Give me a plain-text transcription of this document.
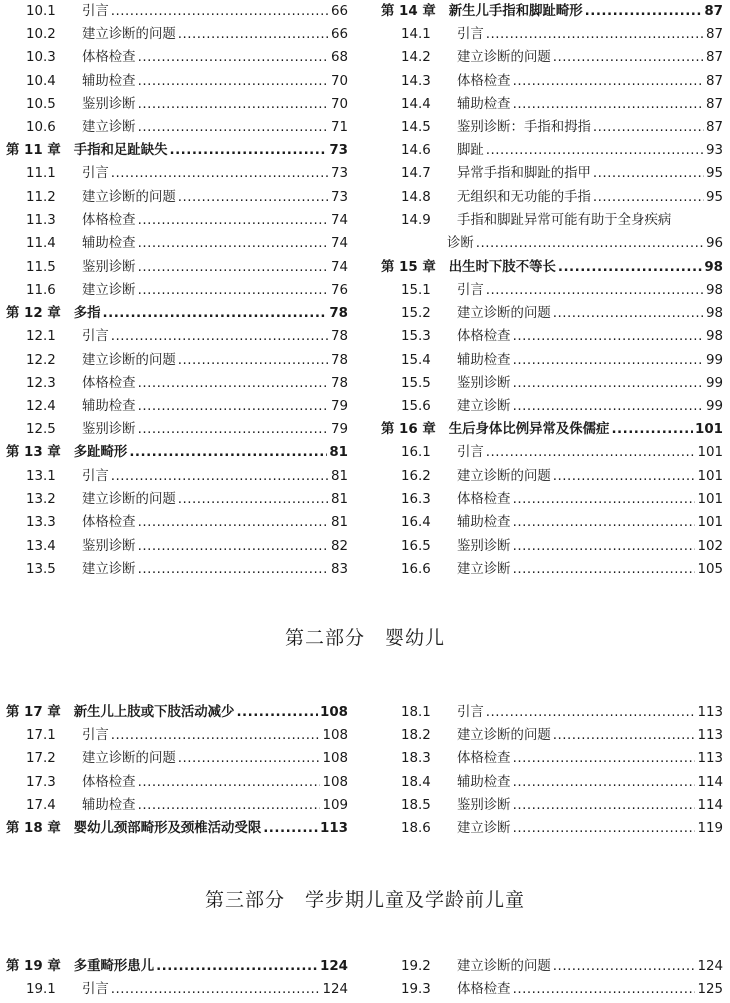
10.1	引言 .....	66
10.2	建立诊断的问题 .....	66
10.3	体格检查 .....	68
10.4	辅助检查 .....	70
10.5	鉴别诊断 .....	70
10.6	建立诊断 .....	71
第 11 章 手指和足趾缺失 .....	73
11.1	引言 .....	73
11.2	建立诊断的问题 .....	73
11.3	体格检查 .....	74
11.4	辅助检查 .....	74
11.5	鉴别诊断 .....	74
11.6	建立诊断 .....	76
第 12 章 多指 .....	78
12.1	引言 .....	78
12.2	建立诊断的问题 .....	78
12.3	体格检查 .....	78
12.4	辅助检查 .....	79
12.5	鉴别诊断 .....	79
第 13 章 多趾畸形 .....	81
13.1	引言 .....	81
13.2	建立诊断的问题 .....	81
13.3	体格检查 .....	81
13.4	鉴别诊断 .....	82
13.5	建立诊断 .....	83
第 14 章 新生儿手指和脚趾畸形 .....	87
14.1	引言 .....	87
14.2	建立诊断的问题 .....	87
14.3	体格检查 .....	87
14.4	辅助检查 .....	87
14.5	鉴别诊断：手指和拇指 .....	87
14.6	脚趾 .....	93
14.7	异常手指和脚趾的指甲 .....	95
14.8	无组织和无功能的手指 .....	95
14.9	手指和脚趾异常可能有助于全身疾病
诊断 .....	96
第 15 章 出生时下肢不等长 .....	98
15.1	引言 .....	98
15.2	建立诊断的问题 .....	98
15.3	体格检查 .....	98
15.4	辅助检查 .....	99
15.5	鉴别诊断 .....	99
15.6	建立诊断 .....	99
第 16 章 生后身体比例异常及侏儒症 .....	101
16.1	引言 .....	101
16.2	建立诊断的问题 .....	101
16.3	体格检查 .....	101
16.4	辅助检查 .....	101
16.5	鉴别诊断 .....	102
16.6	建立诊断 .....	105
第二部分　婴幼儿
第 17 章 新生儿上肢或下肢活动减少 .....	108
17.1	引言 .....	108
17.2	建立诊断的问题 .....	108
17.3	体格检查 .....	108
17.4	辅助检查 .....	109
第 18 章 婴幼儿颈部畸形及颈椎活动受限 .....	113
18.1	引言 .....	113
18.2	建立诊断的问题 .....	113
18.3	体格检查 .....	113
18.4	辅助检查 .....	114
18.5	鉴别诊断 .....	114
18.6	建立诊断 .....	119
第三部分　学步期儿童及学龄前儿童
第 19 章 多重畸形患儿 .....	124
19.1	引言 .....	124
19.2	建立诊断的问题 .....	124
19.3	体格检查 .....	125
